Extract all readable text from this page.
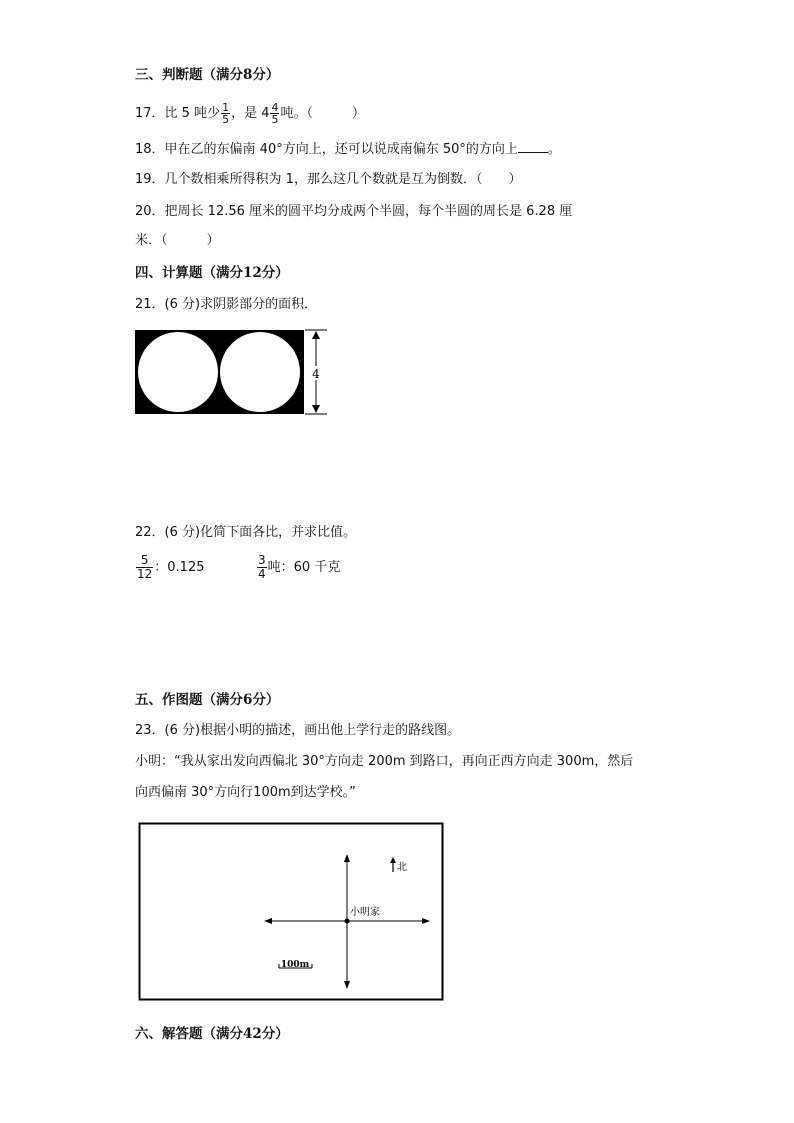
三、判断题（满分8分）
17．比 5 吨少 $\frac{1}{5}$ ，是 $4 \frac{4}{5}$ 吨。（　　　）
18．甲在乙的东偏南 40°方向上，还可以说成南偏东 50°的方向上 。
19．几个数相乘所得积为 1，那么这几个数就是互为倒数．（　　）
20．把周长 12.56 厘米的圆平均分成两个半圆，每个半圆的周长是 6.28 厘
米．（　　　）
四、计算题（满分12分）
21．(6 分)求阴影部分的面积．
4
22．(6 分)化简下面各比，并求比值。
$\frac{5}{12}$ ：0.125	$\frac{3}{4}$ 吨：60 千克
五、作图题（满分6分）
23．(6 分)根据小明的描述，画出他上学行走的路线图。
小明：“我从家出发向西偏北 30°方向走 200m 到路口，再向正西方向走 300m，然后
向西偏南 30°方向行100m到达学校。”
小明家
北
100m
六、解答题（满分42分）
